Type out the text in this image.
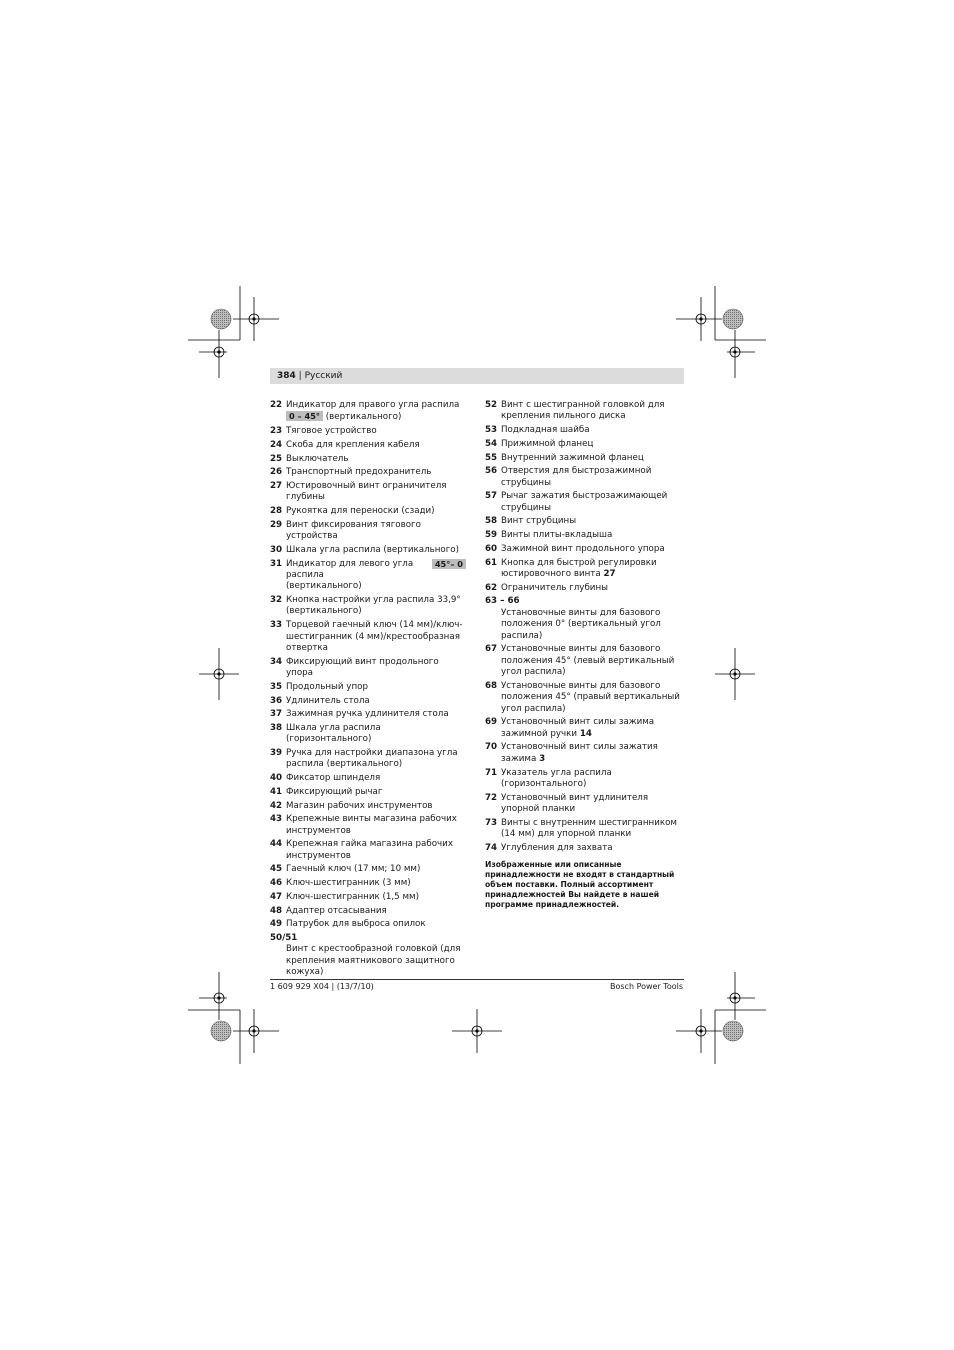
384 | Русский
22 Индикатор для правого угла распила
0 – 45° (вертикального)
23 Тяговое устройство
24 Скоба для крепления кабеля
25 Выключатель
26 Транспортный предохранитель
27 Юстировочный винт ограничителя глубины
28 Рукоятка для переноски (сзади)
29 Винт фиксирования тягового устройства
30 Шкала угла распила (вертикального)
31	45°– 0
Индикатор для левого угла распила
(вертикального)
32 Кнопка настройки угла распила 33,9° (вертикального)
33 Торцевой гаечный ключ (14 мм)/ключ-шестигранник (4 мм)/крестообразная отвертка
34 Фиксирующий винт продольного упора
35 Продольный упор
36 Удлинитель стола
37 Зажимная ручка удлинителя стола
38 Шкала угла распила (горизонтального)
39 Ручка для настройки диапазона угла распила (вертикального)
40 Фиксатор шпинделя
41 Фиксирующий рычаг
42 Магазин рабочих инструментов
43 Крепежные винты магазина рабочих инструментов
44 Крепежная гайка магазина рабочих инструментов
45 Гаечный ключ (17 мм; 10 мм)
46 Ключ-шестигранник (3 мм)
47 Ключ-шестигранник (1,5 мм)
48 Адаптер отсасывания
49 Патрубок для выброса опилок
50/51
Винт с крестообразной головкой (для крепления маятникового защитного кожуха)
52 Винт с шестигранной головкой для крепления пильного диска
53 Подкладная шайба
54 Прижимной фланец
55 Внутренний зажимной фланец
56 Отверстия для быстрозажимной струбцины
57 Рычаг зажатия быстрозажимающей струбцины
58 Винт струбцины
59 Винты плиты-вкладыша
60 Зажимной винт продольного упора
61 Кнопка для быстрой регулировки юстировочного винта 27
62 Ограничитель глубины
63 – 66
Установочные винты для базового положения 0° (вертикальный угол распила)
67 Установочные винты для базового положения 45° (левый вертикальный угол распила)
68 Установочные винты для базового положения 45° (правый вертикальный угол распила)
69 Установочный винт силы зажима зажимной ручки 14
70 Установочный винт силы зажатия зажима 3
71 Указатель угла распила (горизонтального)
72 Установочный винт удлинителя упорной планки
73 Винты с внутренним шестигранником (14 мм) для упорной планки
74 Углубления для захвата
Изображенные или описанные принадлежности не входят в стандартный объем поставки. Полный ассортимент принадлежностей Вы найдете в нашей программе принадлежностей.
1 609 929 X04 | (13/7/10)	Bosch Power Tools
